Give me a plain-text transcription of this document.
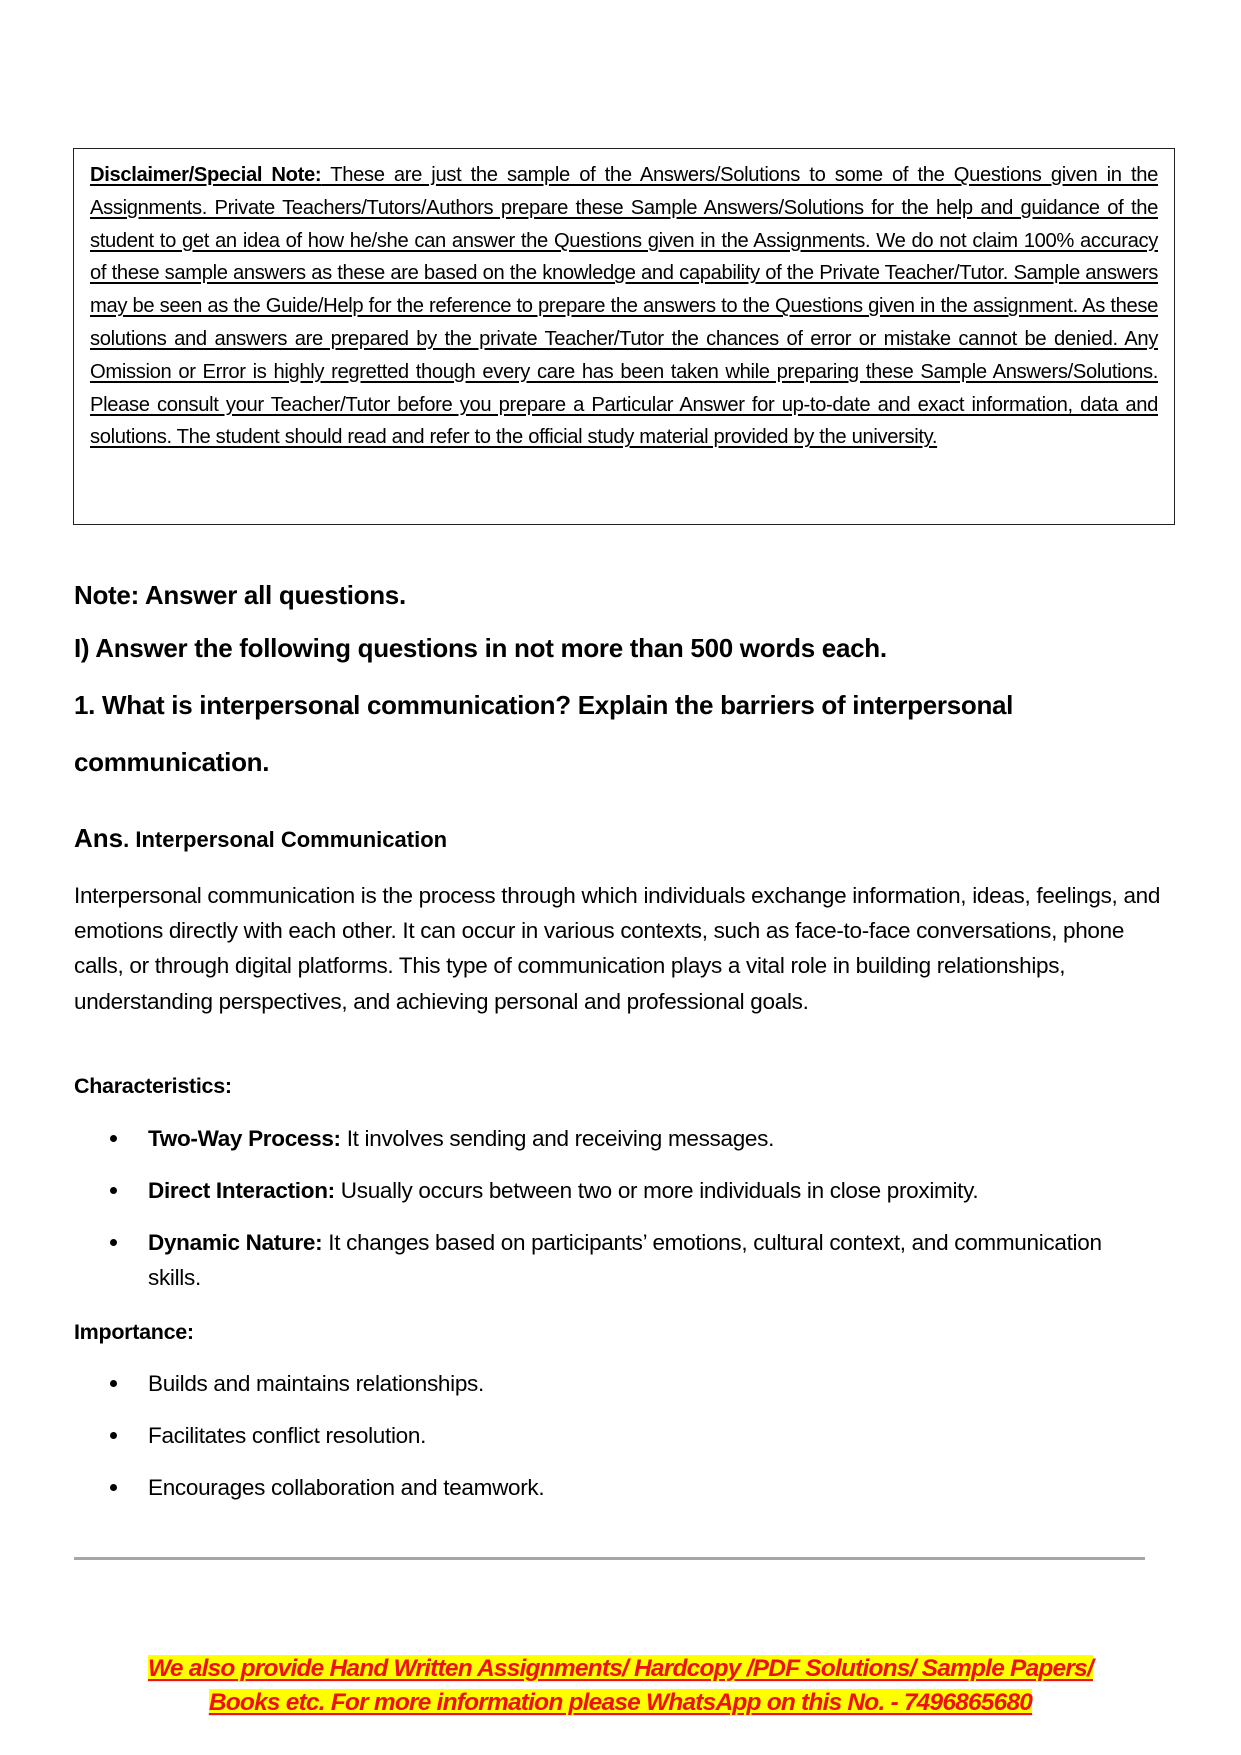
Disclaimer/Special Note: These are just the sample of the Answers/Solutions to some of the Questions given in the Assignments. Private Teachers/Tutors/Authors prepare these Sample Answers/Solutions for the help and guidance of the student to get an idea of how he/she can answer the Questions given in the Assignments. We do not claim 100% accuracy of these sample answers as these are based on the knowledge and capability of the Private Teacher/Tutor. Sample answers may be seen as the Guide/Help for the reference to prepare the answers to the Questions given in the assignment. As these solutions and answers are prepared by the private Teacher/Tutor the chances of error or mistake cannot be denied. Any Omission or Error is highly regretted though every care has been taken while preparing these Sample Answers/Solutions. Please consult your Teacher/Tutor before you prepare a Particular Answer for up-to-date and exact information, data and solutions. The student should read and refer to the official study material provided by the university.

Note: Answer all questions.
I) Answer the following questions in not more than 500 words each.
1. What is interpersonal communication? Explain the barriers of interpersonal
communication.
Ans. Interpersonal Communication

Interpersonal communication is the process through which individuals exchange information, ideas, feelings, and emotions directly with each other. It can occur in various contexts, such as face-to-face conversations, phone calls, or through digital platforms. This type of communication plays a vital role in building relationships, understanding perspectives, and achieving personal and professional goals.

Characteristics:
Two-Way Process: It involves sending and receiving messages.
Direct Interaction: Usually occurs between two or more individuals in close proximity.
Dynamic Nature: It changes based on participants’ emotions, cultural context, and communication skills.
Importance:
Builds and maintains relationships.
Facilitates conflict resolution.
Encourages collaboration and teamwork.
We also provide Hand Written Assignments/ Hardcopy /PDF Solutions/ Sample Papers/
Books etc. For more information please WhatsApp on this No. - 7496865680
